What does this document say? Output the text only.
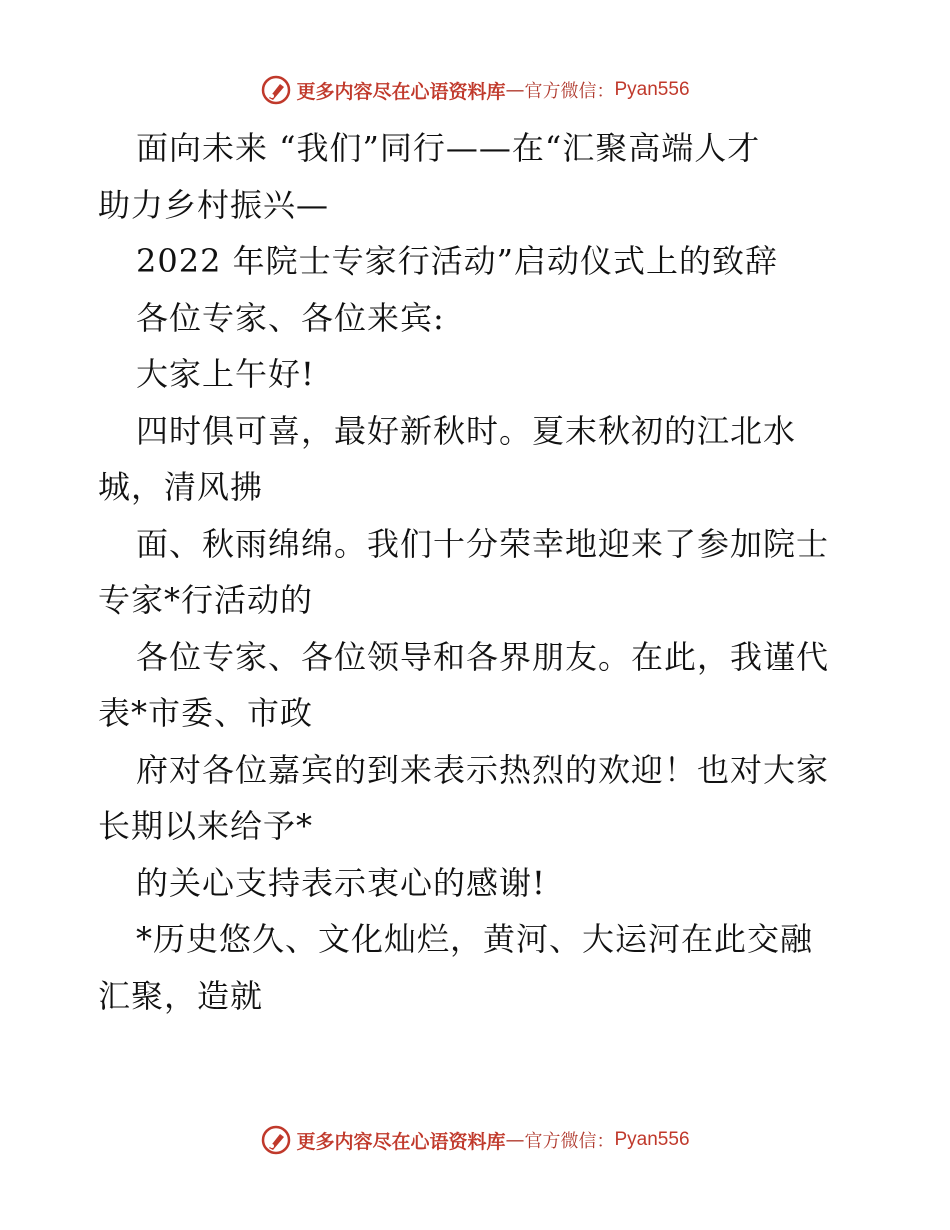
更多内容尽在心语资料库 — 官方微信： Pyan556
面向未来 “我们”同行——在“汇聚高端人才
助力乡村振兴—
2022 年院士专家行活动”启动仪式上的致辞
各位专家、各位来宾:
大家上午好!
四时俱可喜，最好新秋时。夏末秋初的江北水
城，清风拂
面、秋雨绵绵。我们十分荣幸地迎来了参加院士
专家*行活动的
各位专家、各位领导和各界朋友。在此，我谨代
表*市委、市政
府对各位嘉宾的到来表示热烈的欢迎！也对大家
长期以来给予*
的关心支持表示衷心的感谢!
*历史悠久、文化灿烂，黄河、大运河在此交融
汇聚，造就
更多内容尽在心语资料库 — 官方微信： Pyan556
